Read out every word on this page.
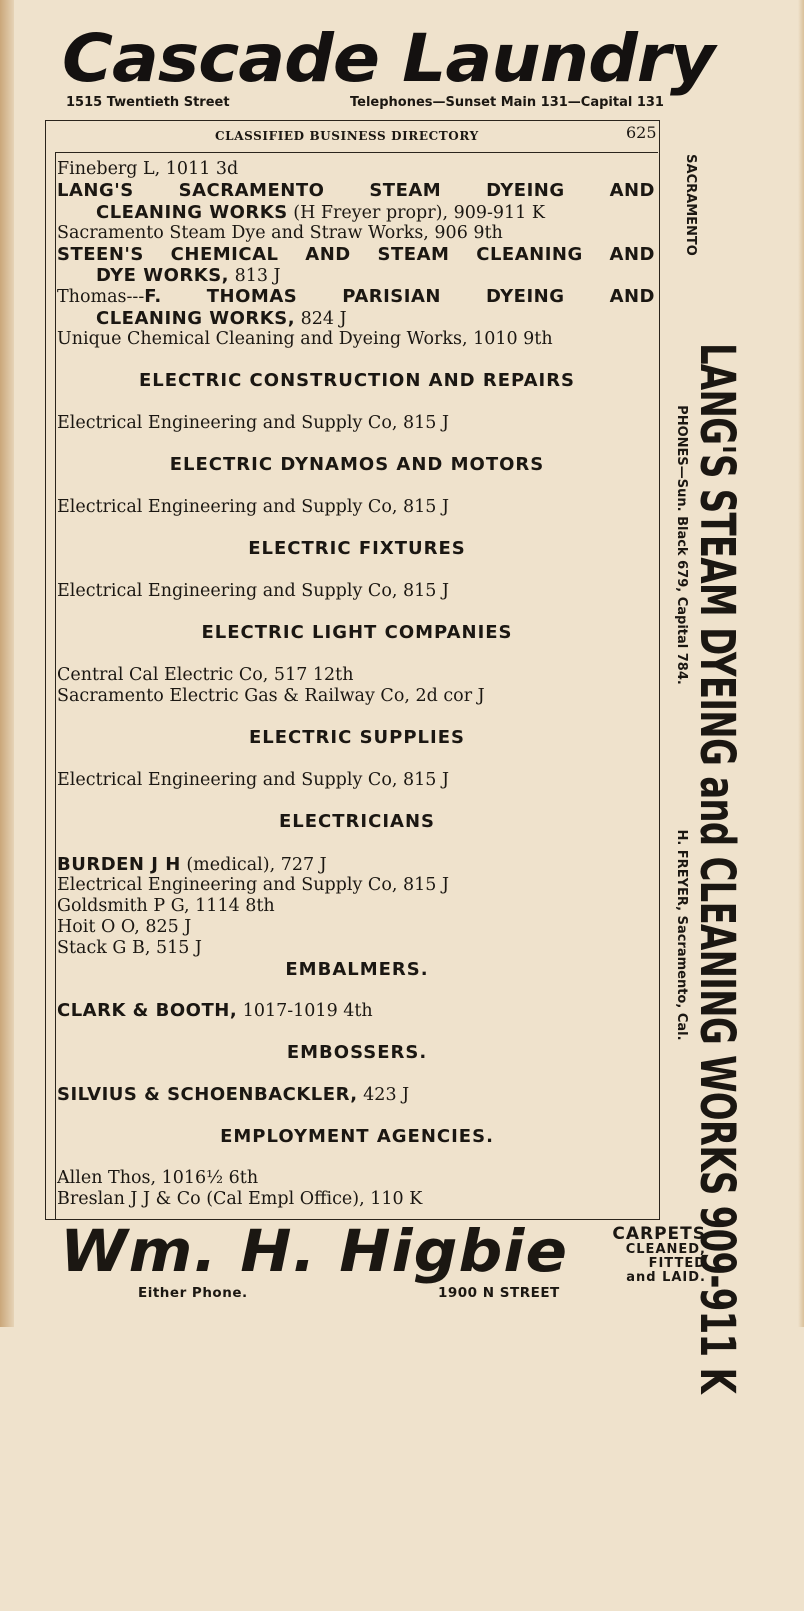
Cascade Laundry
1515 Twentieth Street	Telephones—Sunset Main 131—Capital 131
CLASSIFIED BUSINESS DIRECTORY	625
Fineberg L, 1011 3d
LANG'S SACRAMENTO STEAM DYEING AND
CLEANING WORKS (H Freyer propr), 909-911 K
Sacramento Steam Dye and Straw Works, 906 9th
STEEN'S CHEMICAL AND STEAM CLEANING AND
DYE WORKS, 813 J
Thomas---F. THOMAS PARISIAN DYEING AND
CLEANING WORKS, 824 J
Unique Chemical Cleaning and Dyeing Works, 1010 9th
ELECTRIC CONSTRUCTION AND REPAIRS
Electrical Engineering and Supply Co, 815 J
ELECTRIC DYNAMOS AND MOTORS
Electrical Engineering and Supply Co, 815 J
ELECTRIC FIXTURES
Electrical Engineering and Supply Co, 815 J
ELECTRIC LIGHT COMPANIES
Central Cal Electric Co, 517 12th
Sacramento Electric Gas & Railway Co, 2d cor J
ELECTRIC SUPPLIES
Electrical Engineering and Supply Co, 815 J
ELECTRICIANS
BURDEN J H (medical), 727 J
Electrical Engineering and Supply Co, 815 J
Goldsmith P G, 1114 8th
Hoit O O, 825 J
Stack G B, 515 J
EMBALMERS.
CLARK & BOOTH, 1017-1019 4th
EMBOSSERS.
SILVIUS & SCHOENBACKLER, 423 J
EMPLOYMENT AGENCIES.
Allen Thos, 1016½ 6th
Breslan J J & Co (Cal Empl Office), 110 K	LANG'S STEAM DYEING and CLEANING WORKS 909-911 K
SACRAMENTO
PHONES—Sun. Black 679, Capital 784.
H. FREYER, Sacramento, Cal.
Wm. H. Higbie
Either Phone.	1900 N STREET
CARPETS
CLEANED,
FITTED
and LAID.
